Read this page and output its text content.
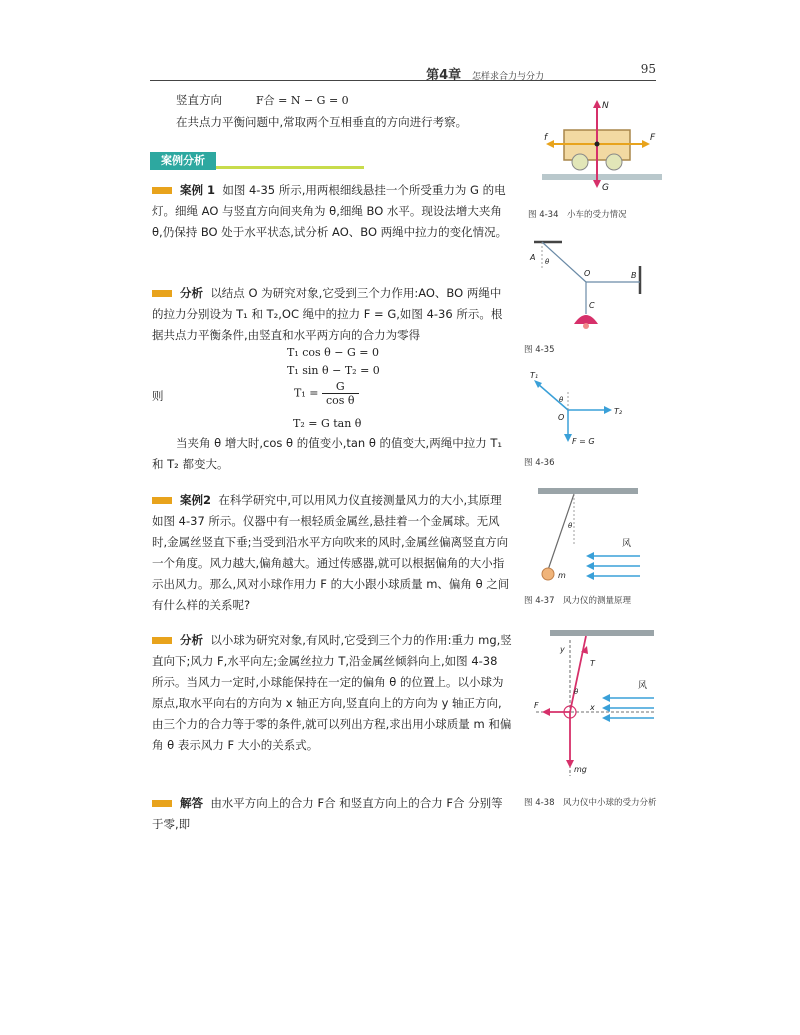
第4章 怎样求合力与分力
95
竖直方向	F合 = N − G = 0
在共点力平衡问题中,常取两个互相垂直的方向进行考察。
案例分析
案例 1 如图 4-35 所示,用两根细线悬挂一个所受重力为 G 的电灯。细绳 AO 与竖直方向间夹角为 θ,细绳 BO 水平。现设法增大夹角 θ,仍保持 BO 处于水平状态,试分析 AO、BO 两绳中拉力的变化情况。
分析 以结点 O 为研究对象,它受到三个力作用:AO、BO 两绳中的拉力分别设为 T₁ 和 T₂,OC 绳中的拉力 F = G,如图 4-36 所示。根据共点力平衡条件,由竖直和水平两方向的合力为零得
T₁ cos θ − G = 0
T₁ sin θ − T₂ = 0
则	$T_1 = \frac{G}{\text{cos θ}}$
T₂ = G tan θ
当夹角 θ 增大时,cos θ 的值变小,tan θ 的值变大,两绳中拉力 T₁ 和 T₂ 都变大。
案例2 在科学研究中,可以用风力仪直接测量风力的大小,其原理如图 4-37 所示。仪器中有一根轻质金属丝,悬挂着一个金属球。无风时,金属丝竖直下垂;当受到沿水平方向吹来的风时,金属丝偏离竖直方向一个角度。风力越大,偏角越大。通过传感器,就可以根据偏角的大小指示出风力。那么,风对小球作用力 F 的大小跟小球质量 m、偏角 θ 之间有什么样的关系呢?
分析 以小球为研究对象,有风时,它受到三个力的作用:重力 mg,竖直向下;风力 F,水平向左;金属丝拉力 T,沿金属丝倾斜向上,如图 4-38 所示。当风力一定时,小球能保持在一定的偏角 θ 的位置上。以小球为原点,取水平向右的方向为 x 轴正方向,竖直向上的方向为 y 轴正方向,由三个力的合力等于零的条件,就可以列出方程,求出用小球质量 m 和偏角 θ 表示风力 F 大小的关系式。
解答 由水平方向上的合力 F合 和竖直方向上的合力 F合 分别等于零,即
N
G
f	F
图 4-34　小车的受力情况
A θ
O	B
C
图 4-35
T₁
T₂
θ
O
F = G
图 4-36
θ
m
风
图 4-37　风力仪的测量原理
y
T
θ
F	x
mg
风
图 4-38　风力仪中小球的受力分析
